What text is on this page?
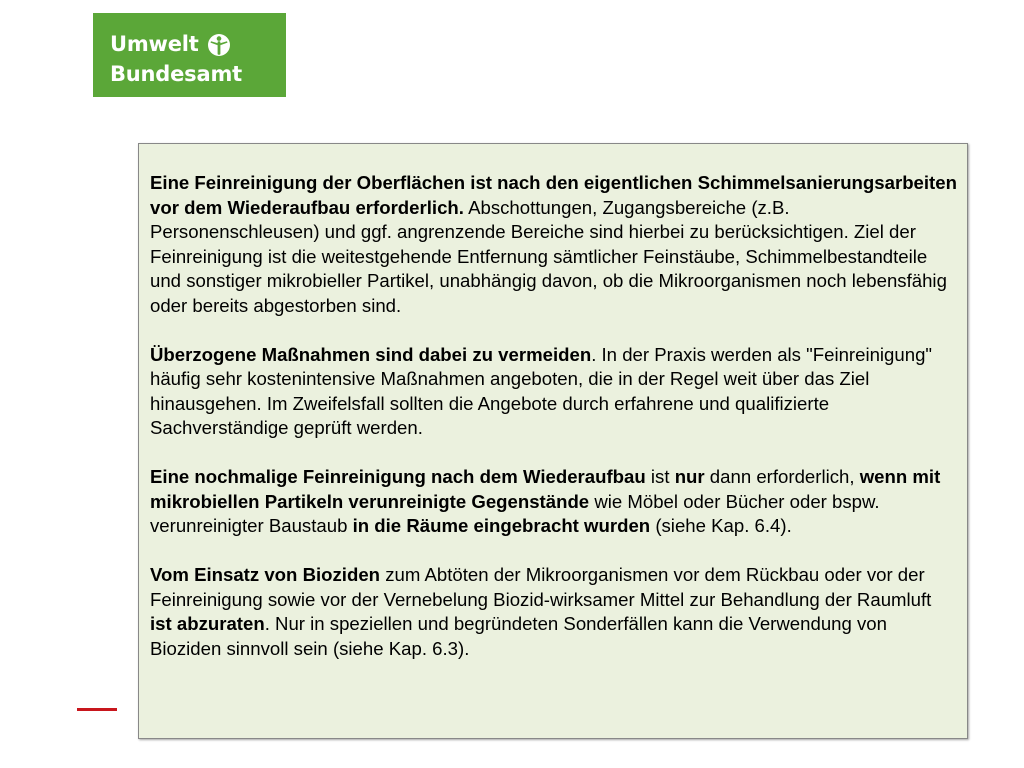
Umwelt
Bundesamt

Eine Feinreinigung der Oberflächen ist nach den eigentlichen Schimmelsanierungsarbeiten vor dem Wiederaufbau erforderlich. Abschottungen, Zugangsbereiche (z.B. Personenschleusen) und ggf. angrenzende Bereiche sind hierbei zu berücksichtigen. Ziel der Feinreinigung ist die weitestgehende Entfernung sämtlicher Feinstäube, Schimmelbestandteile und sonstiger mikrobieller Partikel, unabhängig davon, ob die Mikroorganismen noch lebensfähig oder bereits abgestorben sind.

Überzogene Maßnahmen sind dabei zu vermeiden. In der Praxis werden als "Feinreinigung" häufig sehr kostenintensive Maßnahmen angeboten, die in der Regel weit über das Ziel hinausgehen. Im Zweifelsfall sollten die Angebote durch erfahrene und qualifizierte Sachverständige geprüft werden.

Eine nochmalige Feinreinigung nach dem Wiederaufbau ist nur dann erforderlich, wenn mit mikrobiellen Partikeln verunreinigte Gegenstände wie Möbel oder Bücher oder bspw. verunreinigter Baustaub in die Räume eingebracht wurden (siehe Kap. 6.4).

Vom Einsatz von Bioziden zum Abtöten der Mikroorganismen vor dem Rückbau oder vor der Feinreinigung sowie vor der Vernebelung Biozid-wirksamer Mittel zur Behandlung der Raumluft ist abzuraten. Nur in speziellen und begründeten Sonderfällen kann die Verwendung von Bioziden sinnvoll sein (siehe Kap. 6.3).
